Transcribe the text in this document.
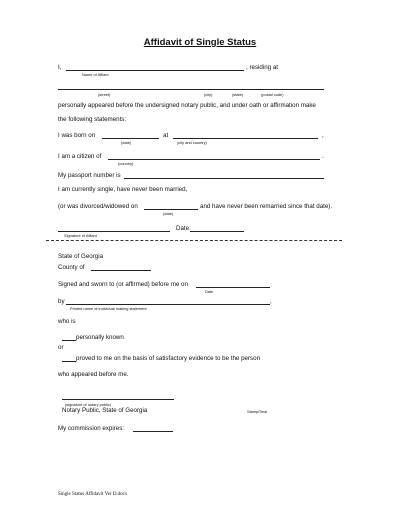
Affidavit of Single Status
I,	, residing at
Name of Affiant
(street)	(city)	(state)	(postal code)
personally appeared before the undersigned notary public, and under oath or affirmation make
the following statements:
I was born on	at	,
(date)	(city and country)
I am a citizen of	.
(country)
My passport number is
I am currently single, have never been married,
(or was divorced/widowed on	and have never been remarried since that date).
(date)
Date:
Signature of Affiant
State of Georgia
County of
Signed and sworn to (or affirmed) before me on
Date
by	,
Printed name of individual making statement
who is
personally known
or
proved to me on the basis of satisfactory evidence to be the person
who appeared before me.
(signature of notary public)
Notary Public, State of Georgia	Stamp/Seal
My commission expires:
Single Status Affidavit Ver D.docx
